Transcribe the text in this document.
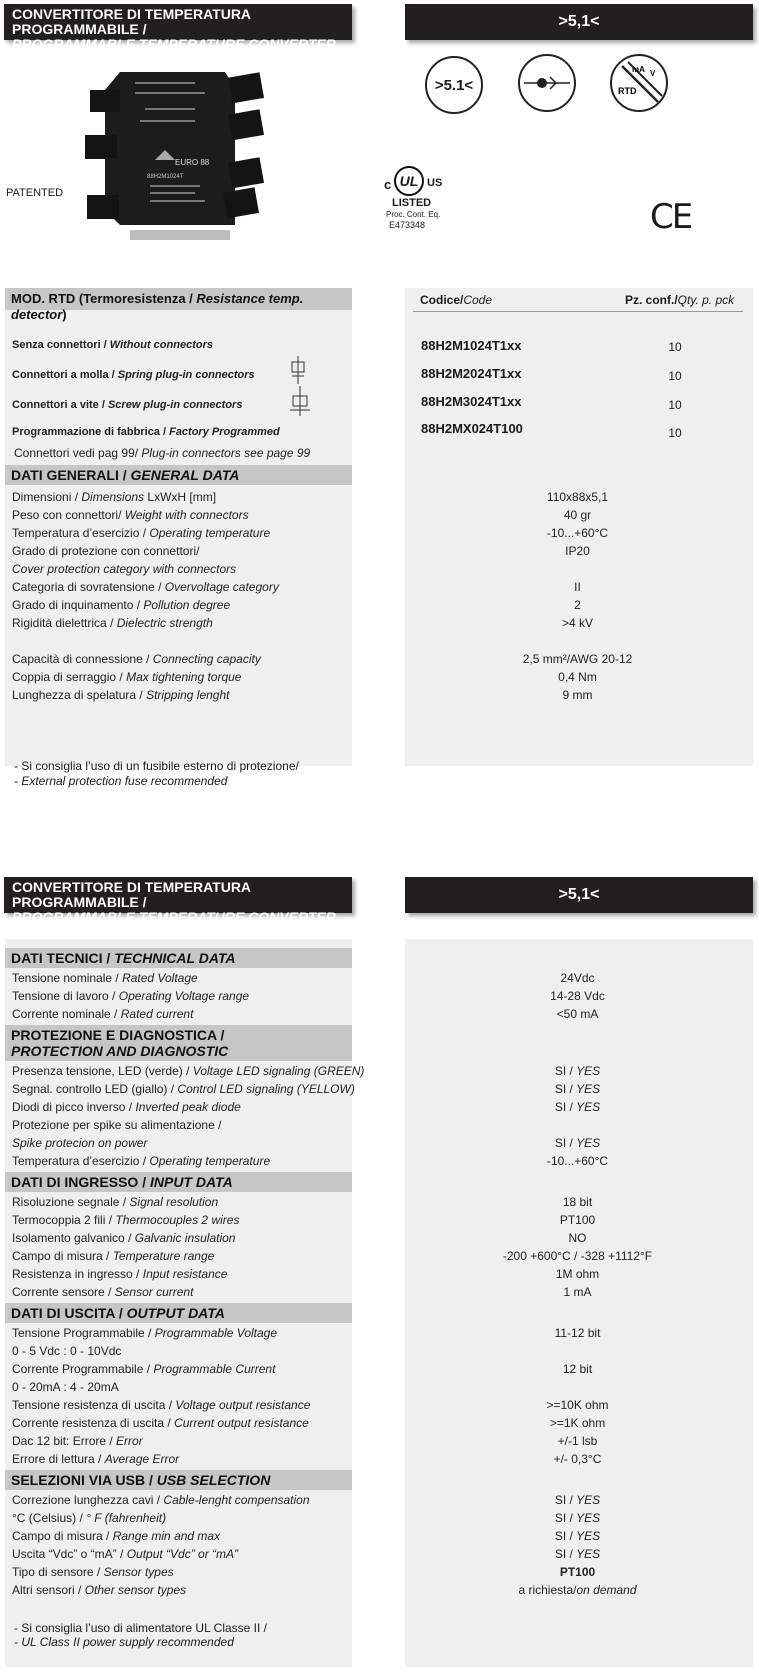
CONVERTITORE DI TEMPERATURA PROGRAMMABILE /
PROGRAMMABLE TEMPERATURE CONVERTER
>5,1<
EURO 88
88H2M1024T
PATENTED
>5.1<
mA V
RTD
c UL US
LISTED
Proc. Cont. Eq.
E473348	CE
MOD. RTD (Termoresistenza / Resistance temp. detector)
Codice/Code	Pz. conf./Qty. p. pck
Senza connettori / Without connectors	88H2M1024T1xx	10
Connettori a molla / Spring plug-in connectors	88H2M2024T1xx	10
Connettori a vite / Screw plug-in connectors	88H2M3024T1xx	10
Programmazione di fabbrica / Factory Programmed	88H2MX024T100	10
Connettori vedi pag 99/ Plug-in connectors see page 99
DATI GENERALI / GENERAL DATA
Dimensioni / Dimensions LxWxH [mm]	110x88x5,1
Peso con connettori/ Weight with connectors	40 gr
Temperatura d’esercizio / Operating temperature	-10...+60°C
Grado di protezione con connettori/	IP20
Cover protection category with connectors
Categoria di sovratensione / Overvoltage category	II
Grado di inquinamento / Pollution degree	2
Rigidità dielettrica / Dielectric strength	>4 kV
Capacità di connessione / Connecting capacity	2,5 mm²/AWG 20-12
Coppia di serraggio / Max tightening torque	0,4 Nm
Lunghezza di spelatura / Stripping lenght	9 mm
- Si consiglia l’uso di un fusibile esterno di protezione/
- External protection fuse recommended
CONVERTITORE DI TEMPERATURA PROGRAMMABILE /
PROGRAMMABLE TEMPERATURE CONVERTER
>5,1<
DATI TECNICI / TECHNICAL DATA
Tensione nominale / Rated Voltage	24Vdc
Tensione di lavoro / Operating Voltage range	14-28 Vdc
Corrente nominale / Rated current	<50 mA
PROTEZIONE E DIAGNOSTICA /
PROTECTION AND DIAGNOSTIC
Presenza tensione, LED (verde) / Voltage LED signaling (GREEN)	SI / YES
Segnal. controllo LED (giallo) / Control LED signaling (YELLOW)	SI / YES
Diodi di picco inverso / Inverted peak diode	SI / YES
Protezione per spike su alimentazione /
Spike protecion on power	SI / YES
Temperatura d’esercizio / Operating temperature	-10...+60°C
DATI DI INGRESSO / INPUT DATA
Risoluzione segnale / Signal resolution	18 bit
Termocoppia 2 fili / Thermocouples 2 wires	PT100
Isolamento galvanico / Galvanic insulation	NO
Campo di misura / Temperature range	-200 +600°C / -328 +1112°F
Resistenza in ingresso / Input resistance	1M ohm
Corrente sensore / Sensor current	1 mA
DATI DI USCITA / OUTPUT DATA
Tensione Programmabile / Programmable Voltage	11-12 bit
0 - 5 Vdc : 0 - 10Vdc
Corrente Programmabile / Programmable Current	12 bit
0 - 20mA : 4 - 20mA
Tensione resistenza di uscita / Voltage output resistance	>=10K ohm
Corrente resistenza di uscita / Current output resistance	>=1K ohm
Dac 12 bit: Errore / Error	+/-1 lsb
Errore di lettura / Average Error	+/- 0,3°C
SELEZIONI VIA USB / USB SELECTION
Correzione lunghezza cavi / Cable-lenght compensation	SI / YES
°C (Celsius) / ° F (fahrenheit)	SI / YES
Campo di misura / Range min and max	SI / YES
Uscita “Vdc” o “mA” / Output “Vdc” or “mA”	SI / YES
Tipo di sensore / Sensor types	PT100
Altri sensori / Other sensor types	a richiesta/on demand
- Si consiglia l’uso di alimentatore UL Classe II /
- UL Class II power supply recommended
